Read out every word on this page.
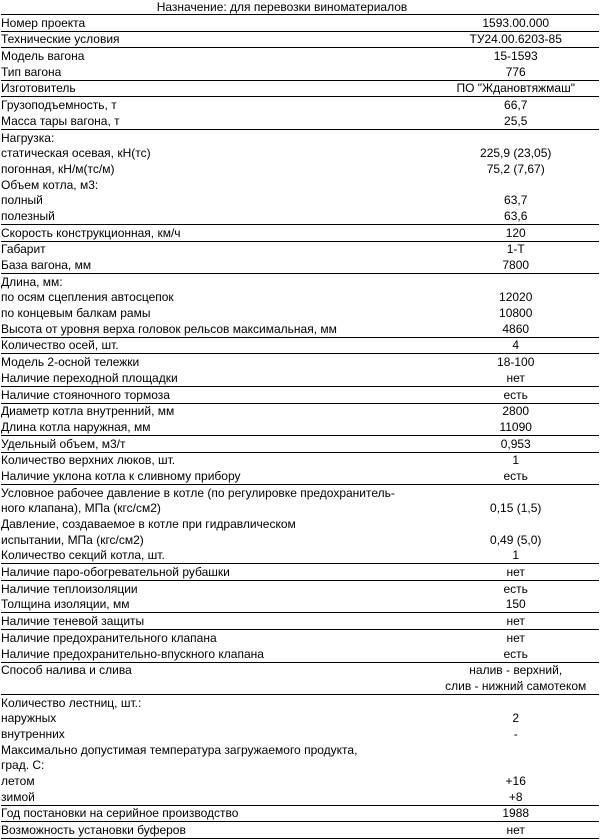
Назначение: для перевозки виноматериалов
Номер проекта	1593.00.000
Технические условия	ТУ24.00.6203-85
Модель вагона	15-1593
Тип вагона	776
Изготовитель	ПО "Ждановтяжмаш"
Грузоподъемность, т	66,7
Масса тары вагона, т	25,5
Нагрузка:	
статическая осевая, кН(тс)	225,9 (23,05)
погонная, кН/м(тс/м)	75,2 (7,67)
Объем котла, м3:	
полный	63,7
полезный	63,6
Скорость конструкционная, км/ч	120
Габарит	1-Т
База вагона, мм	7800
Длина, мм:	
по осям сцепления автосцепок	12020
по концевым балкам рамы	10800
Высота от уровня верха головок рельсов максимальная, мм	4860
Количество осей, шт.	4
Модель 2-осной тележки	18-100
Наличие переходной площадки	нет
Наличие стояночного тормоза	есть
Диаметр котла внутренний, мм	2800
Длина котла наружная, мм	11090
Удельный объем, м3/т	0,953
Количество верхних люков, шт.	1
Наличие уклона котла к сливному прибору	есть
Условное рабочее давление в котле (по регулировке предохранитель-	
ного клапана), МПа (кгс/см2)	0,15 (1,5)
Давление, создаваемое в котле при гидравлическом	
испытании, МПа (кгс/см2)	0,49 (5,0)
Количество секций котла, шт.	1
Наличие паро-обогревательной рубашки	нет
Наличие теплоизоляции	есть
Толщина изоляции, мм	150
Наличие теневой защиты	нет
Наличие предохранительного клапана	нет
Наличие предохранительно-впускного клапана	есть
Способ налива и слива	налив - верхний,
	слив - нижний самотеком
Количество лестниц, шт.:	
наружных	2
внутренних	-
Максимально допустимая температура загружаемого продукта,	
град. С:	
летом	+16
зимой	+8
Год постановки на серийное производство	1988
Возможность установки буферов	нет
